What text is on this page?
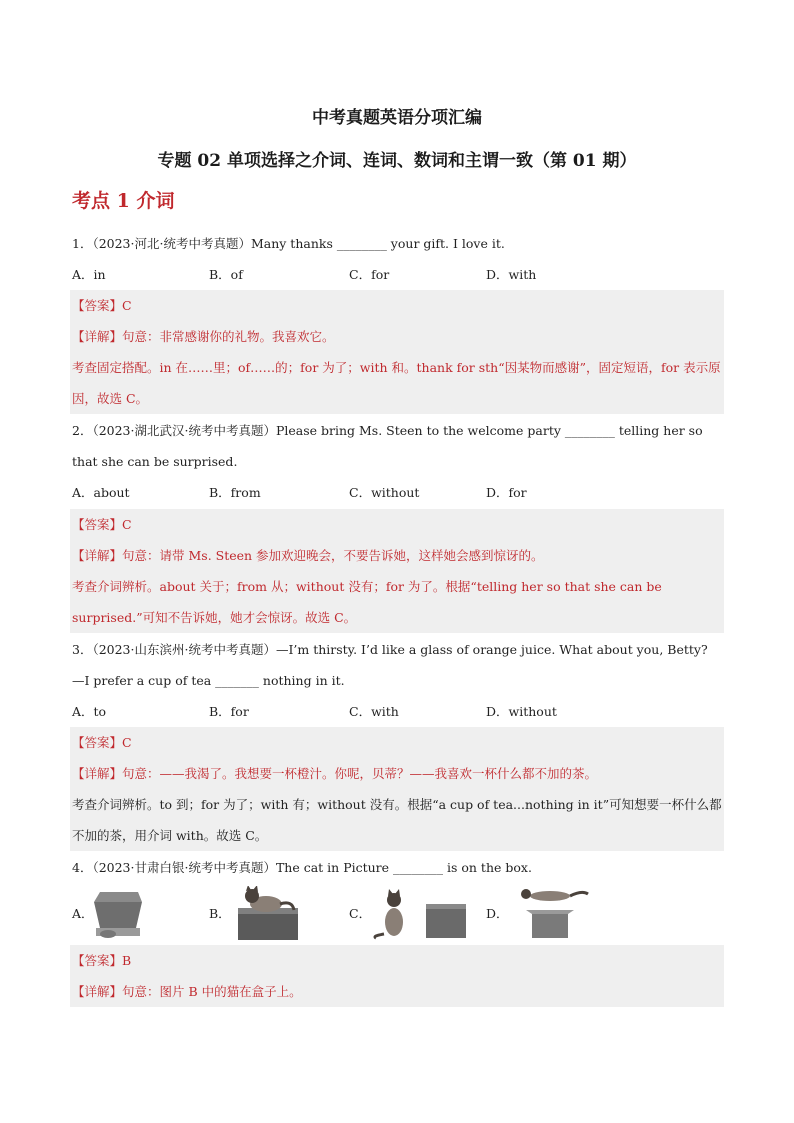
中考真题英语分项汇编
专题 02 单项选择之介词、连词、数词和主谓一致（第 01 期）
考点 1 介词
1．（2023·河北·统考中考真题）Many thanks ________ your gift. I love it.
A．in	B．of	C．for	D．with
【答案】C
【详解】句意：非常感谢你的礼物。我喜欢它。
考查固定搭配。in 在……里；of……的；for 为了；with 和。thank for sth“因某物而感谢”，固定短语，for 表示原因，故选 C。
2．（2023·湖北武汉·统考中考真题）Please bring Ms. Steen to the welcome party ________ telling her so that she can be surprised.
A．about	B．from	C．without	D．for
【答案】C
【详解】句意：请带 Ms. Steen 参加欢迎晚会，不要告诉她，这样她会感到惊讶的。
考查介词辨析。about 关于；from 从；without 没有；for 为了。根据“telling her so that she can be surprised.”可知不告诉她，她才会惊讶。故选 C。
3．（2023·山东滨州·统考中考真题）—I’m thirsty. I’d like a glass of orange juice. What about you, Betty?
—I prefer a cup of tea _______ nothing in it.
A．to	B．for	C．with	D．without
【答案】C
【详解】句意：——我渴了。我想要一杯橙汁。你呢，贝蒂？——我喜欢一杯什么都不加的茶。
考查介词辨析。to 到；for 为了；with 有；without 没有。根据“a cup of tea...nothing in it”可知想要一杯什么都不加的茶，用介词 with。故选 C。
4．（2023·甘肃白银·统考中考真题）The cat in Picture ________ is on the box.
A．	B．	C．	D．
【答案】B
【详解】句意：图片 B 中的猫在盒子上。
